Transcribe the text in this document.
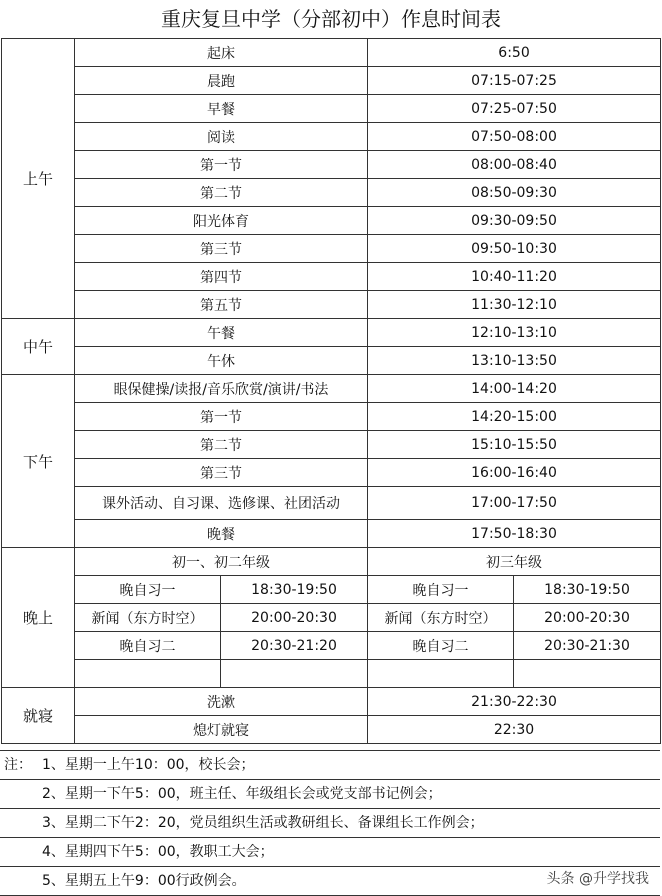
重庆复旦中学（分部初中）作息时间表
上午	起床		6:50	
	晨跑		07:15-07:25	
	早餐		07:25-07:50	
	阅读		07:50-08:00	
	第一节		08:00-08:40	
	第二节		08:50-09:30	
	阳光体育		09:30-09:50	
	第三节		09:50-10:30	
	第四节		10:40-11:20	
	第五节		11:30-12:10	
中午	午餐		12:10-13:10	
	午休		13:10-13:50	
下午	眼保健操/读报/音乐欣赏/演讲/书法		14:00-14:20	
	第一节		14:20-15:00	
	第二节		15:10-15:50	
	第三节		16:00-16:40	
	课外活动、自习课、选修课、社团活动		17:00-17:50	
	晚餐		17:50-18:30	
晚上	初一、初二年级		初三年级	
	晚自习一	18:30-19:50	晚自习一	18:30-19:50
	新闻（东方时空）	20:00-20:30	新闻（东方时空）	20:00-20:30
	晚自习二	20:30-21:20	晚自习二	20:30-21:30

就寝	洗漱		21:30-22:30	
	熄灯就寝		22:30	
注： 1、星期一上午10：00，校长会；
2、星期一下午5：00，班主任、年级组长会或党支部书记例会；
3、星期二下午2：20，党员组织生活或教研组长、备课组长工作例会；
4、星期四下午5：00，教职工大会；
5、星期五上午9：00行政例会。	头条 @升学找我
